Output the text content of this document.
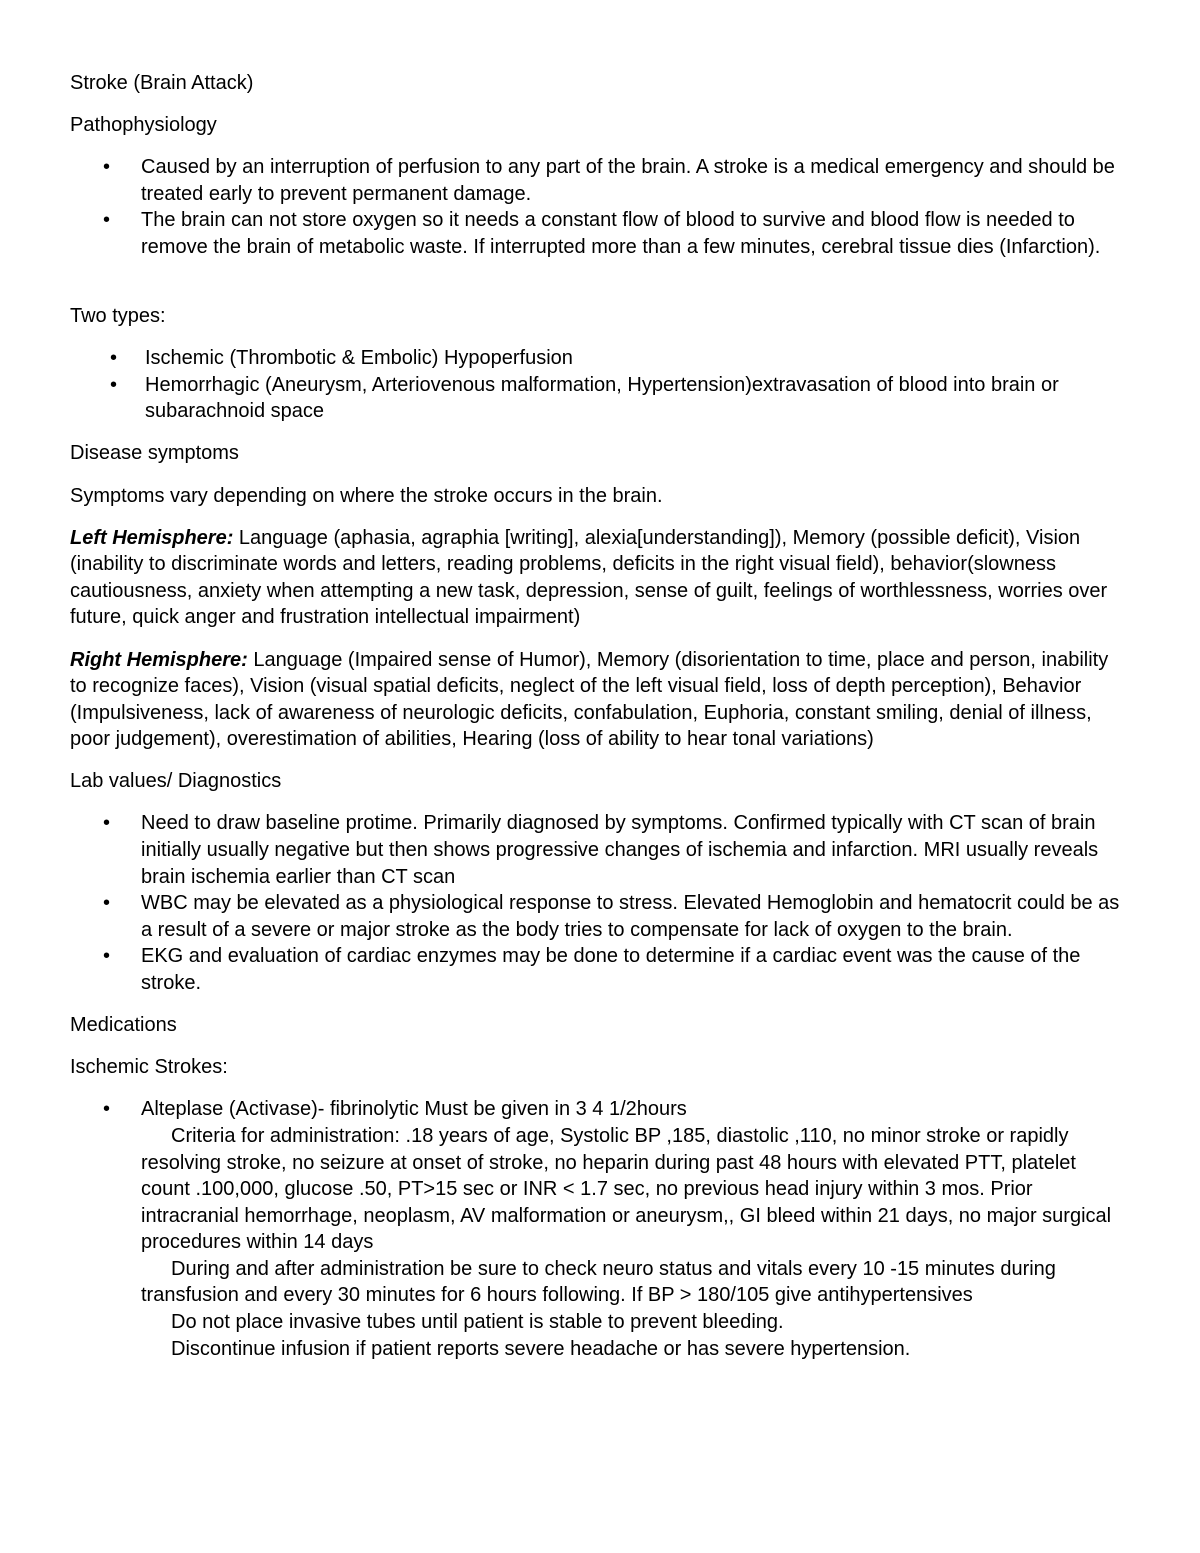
Stroke (Brain Attack)
Pathophysiology
• Caused by an interruption of perfusion to any part of the brain. A stroke is a medical emergency and should be treated early to prevent permanent damage.
• The brain can not store oxygen so it needs a constant flow of blood to survive and blood flow is needed to remove the brain of metabolic waste. If interrupted more than a few minutes, cerebral tissue dies (Infarction).
Two types:
• Ischemic (Thrombotic & Embolic) Hypoperfusion
• Hemorrhagic (Aneurysm, Arteriovenous malformation, Hypertension)extravasation of blood into brain or subarachnoid space
Disease symptoms
Symptoms vary depending on where the stroke occurs in the brain.
Left Hemisphere: Language (aphasia, agraphia [writing], alexia[understanding]), Memory (possible deficit), Vision (inability to discriminate words and letters, reading problems, deficits in the right visual field), behavior(slowness cautiousness, anxiety when attempting a new task, depression, sense of guilt, feelings of worthlessness, worries over future, quick anger and frustration intellectual impairment)
Right Hemisphere: Language (Impaired sense of Humor), Memory (disorientation to time, place and person, inability to recognize faces), Vision (visual spatial deficits, neglect of the left visual field, loss of depth perception), Behavior (Impulsiveness, lack of awareness of neurologic deficits, confabulation, Euphoria, constant smiling, denial of illness, poor judgement), overestimation of abilities, Hearing (loss of ability to hear tonal variations)
Lab values/ Diagnostics
• Need to draw baseline protime. Primarily diagnosed by symptoms. Confirmed typically with CT scan of brain initially usually negative but then shows progressive changes of ischemia and infarction. MRI usually reveals brain ischemia earlier than CT scan
• WBC may be elevated as a physiological response to stress. Elevated Hemoglobin and hematocrit could be as a result of a severe or major stroke as the body tries to compensate for lack of oxygen to the brain.
• EKG and evaluation of cardiac enzymes may be done to determine if a cardiac event was the cause of the stroke.
Medications
Ischemic Strokes:
• Alteplase (Activase)- fibrinolytic Must be given in 3 4 1/2hours
Criteria for administration: .18 years of age, Systolic BP ,185, diastolic ,110, no minor stroke or rapidly resolving stroke, no seizure at onset of stroke, no heparin during past 48 hours with elevated PTT, platelet count .100,000, glucose .50, PT>15 sec or INR < 1.7 sec, no previous head injury within 3 mos. Prior intracranial hemorrhage, neoplasm, AV malformation or aneurysm,, GI bleed within 21 days, no major surgical procedures within 14 days
During and after administration be sure to check neuro status and vitals every 10 -15 minutes during transfusion and every 30 minutes for 6 hours following. If BP > 180/105 give antihypertensives
Do not place invasive tubes until patient is stable to prevent bleeding.
Discontinue infusion if patient reports severe headache or has severe hypertension.
